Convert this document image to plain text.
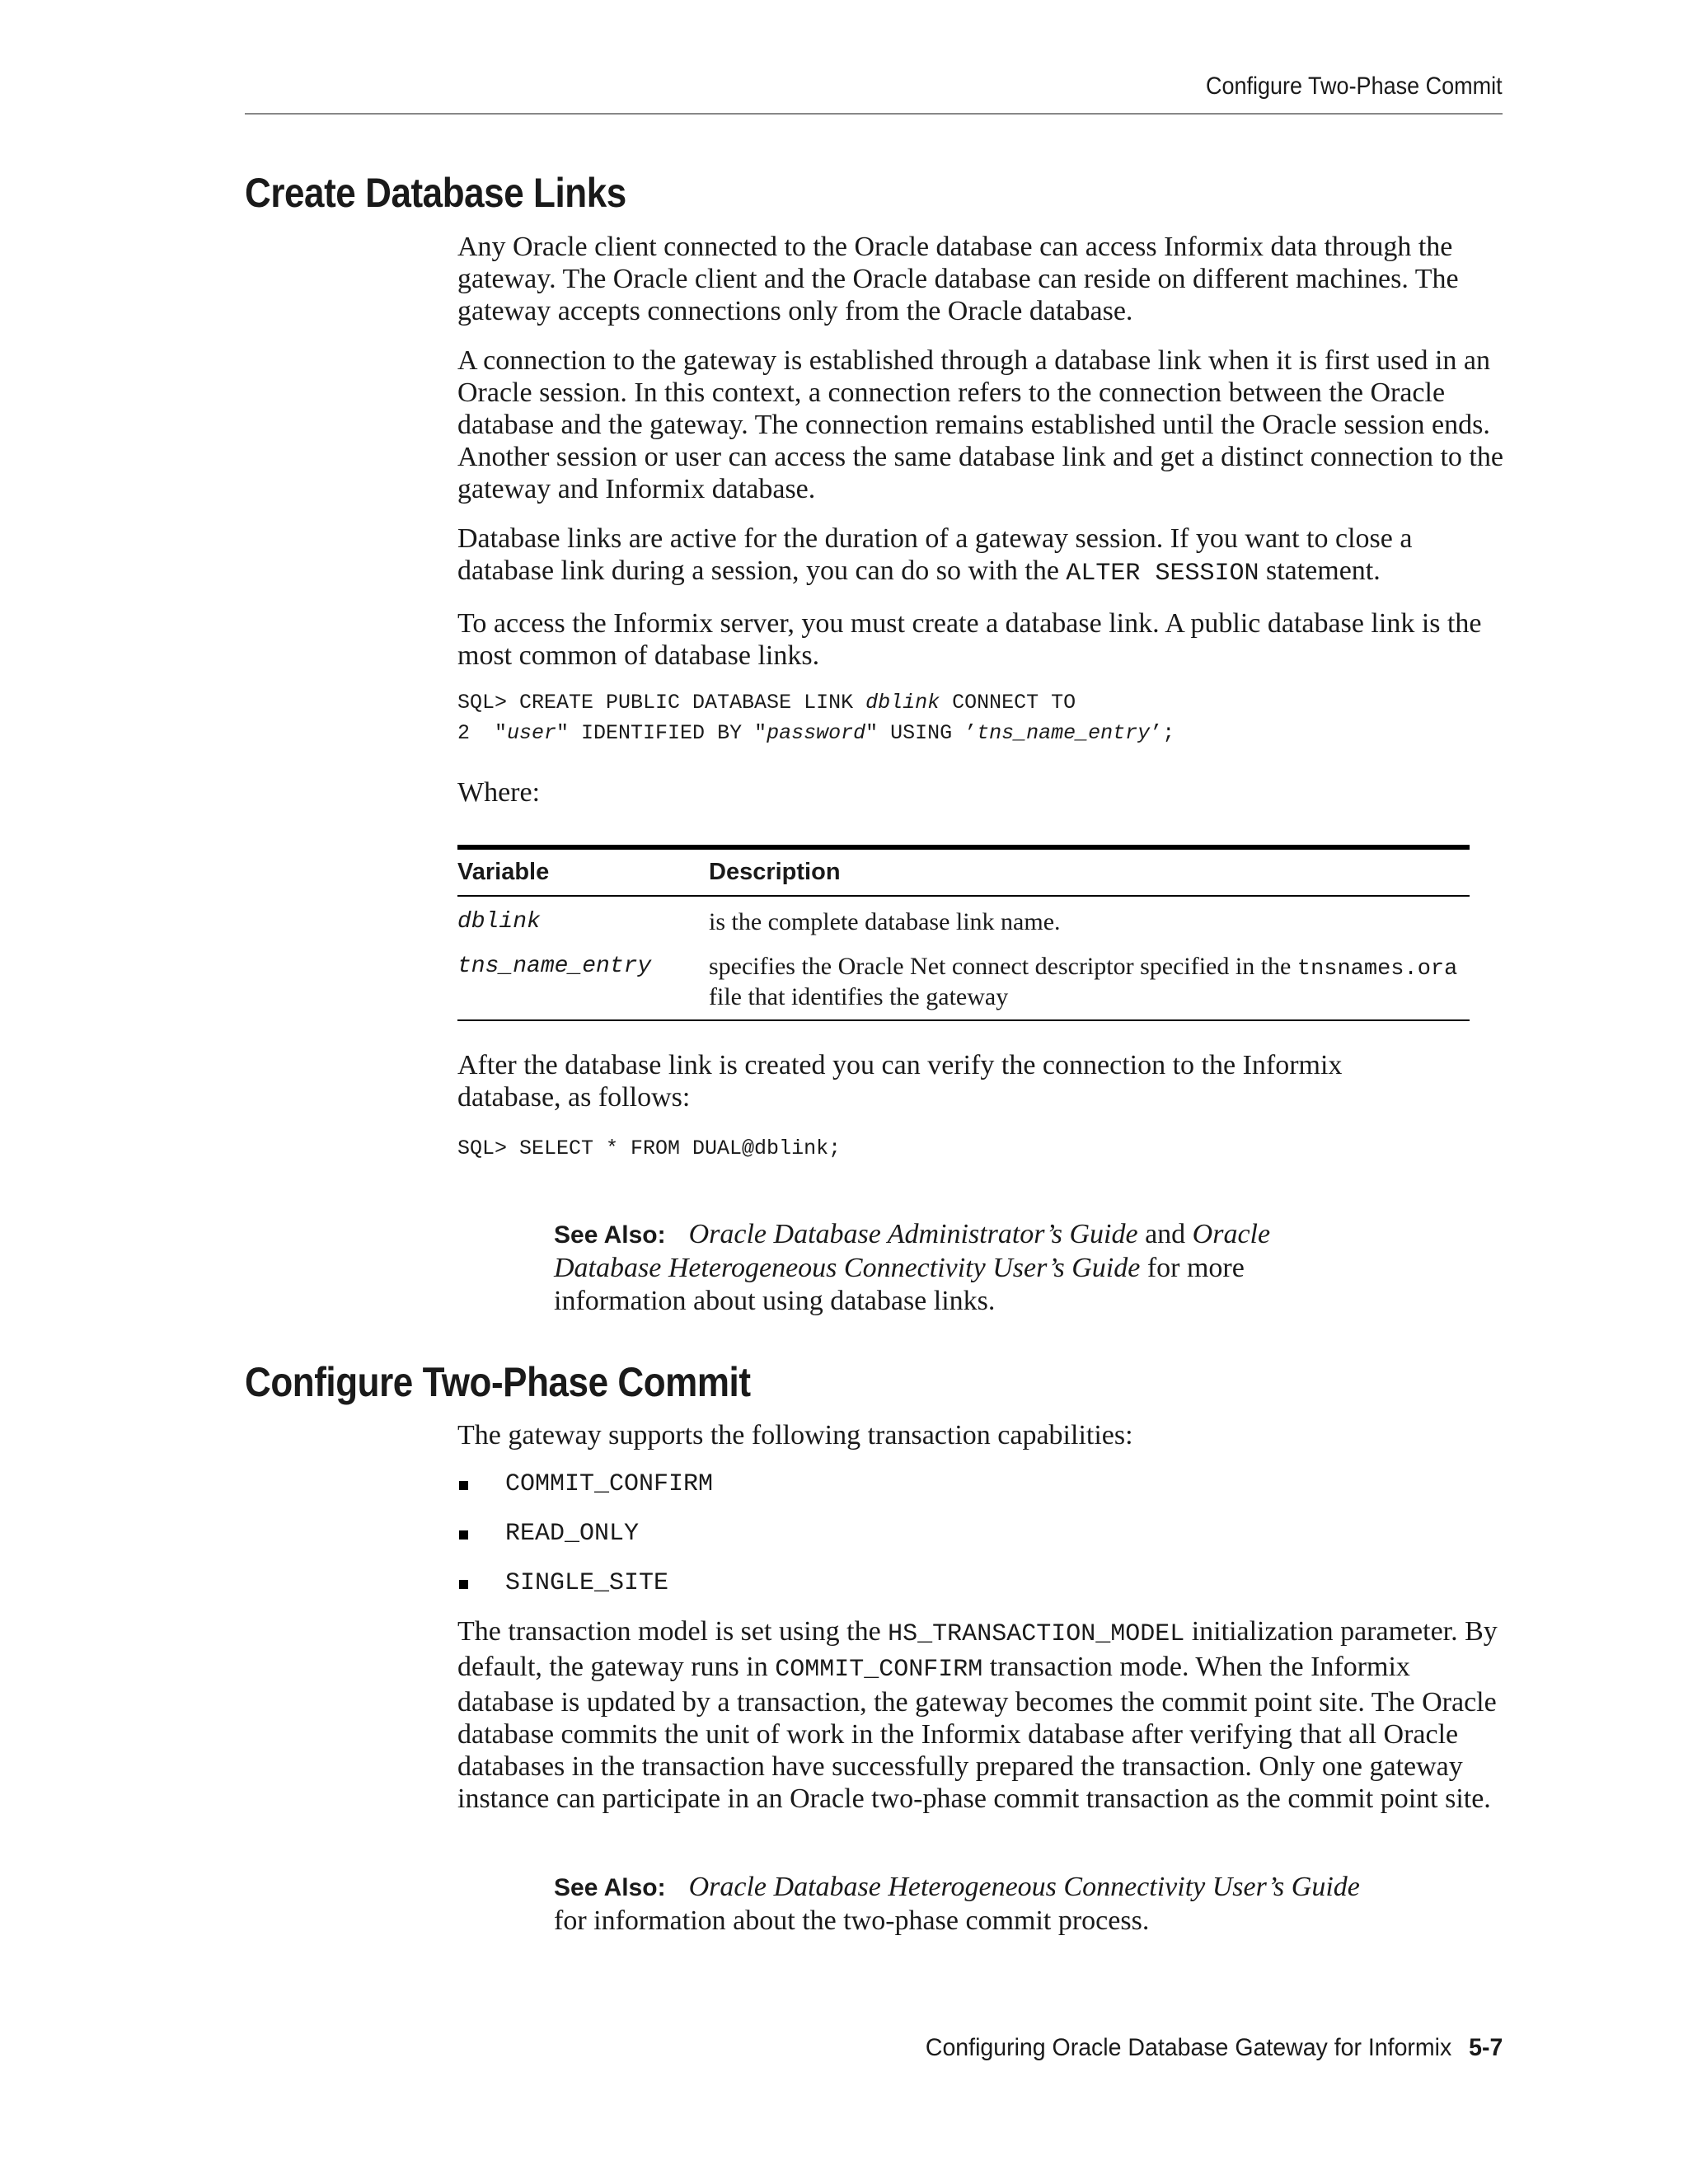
Configure Two-Phase Commit
Create Database Links

Any Oracle client connected to the Oracle database can access Informix data through the gateway. The Oracle client and the Oracle database can reside on different machines. The gateway accepts connections only from the Oracle database.

A connection to the gateway is established through a database link when it is first used in an Oracle session. In this context, a connection refers to the connection between the Oracle database and the gateway. The connection remains established until the Oracle session ends. Another session or user can access the same database link and get a distinct connection to the gateway and Informix database.

Database links are active for the duration of a gateway session. If you want to close a database link during a session, you can do so with the ALTER SESSION statement.

To access the Informix server, you must create a database link. A public database link is the most common of database links.

SQL> CREATE PUBLIC DATABASE LINK dblink CONNECT TO
2  "user" IDENTIFIED BY "password" USING ’tns_name_entry’;
Where:
Variable	Description
dblink	is the complete database link name.
tns_name_entry	specifies the Oracle Net connect descriptor specified in the tnsnames.ora file that identifies the gateway
After the database link is created you can verify the connection to the Informix database, as follows:
SQL> SELECT * FROM DUAL@dblink;
See Also: Oracle Database Administrator’s Guide and Oracle Database Heterogeneous Connectivity User’s Guide for more information about using database links.
Configure Two-Phase Commit
The gateway supports the following transaction capabilities:
COMMIT_CONFIRM
READ_ONLY
SINGLE_SITE

The transaction model is set using the HS_TRANSACTION_MODEL initialization parameter. By default, the gateway runs in COMMIT_CONFIRM transaction mode. When the Informix database is updated by a transaction, the gateway becomes the commit point site. The Oracle database commits the unit of work in the Informix database after verifying that all Oracle databases in the transaction have successfully prepared the transaction. Only one gateway instance can participate in an Oracle two-phase commit transaction as the commit point site.

See Also: Oracle Database Heterogeneous Connectivity User’s Guide for information about the two-phase commit process.
Configuring Oracle Database Gateway for Informix 5-7
